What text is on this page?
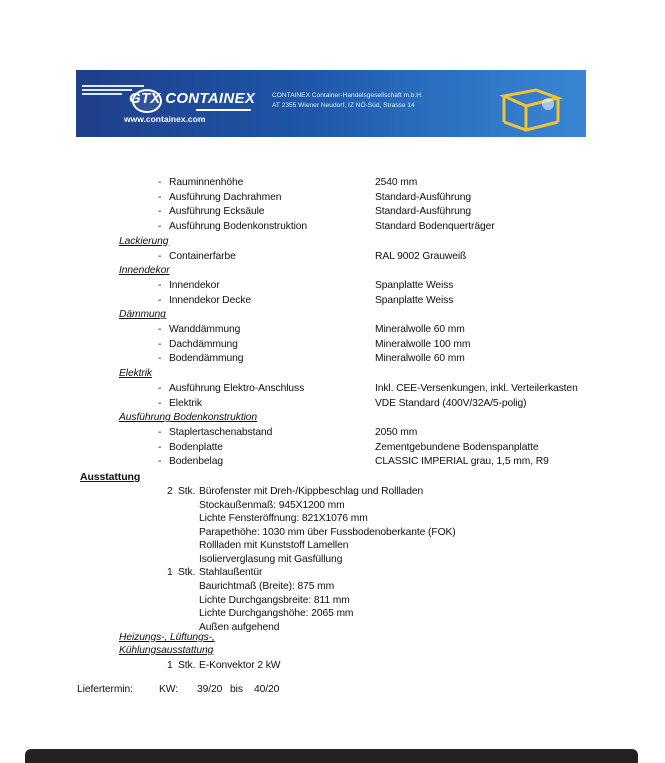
GTX CONTAINEX
www.containex.com
CONTAINEX Container-Handelsgesellschaft m.b.H.
AT 2355 Wiener Neudorf, IZ NÖ-Süd, Strasse 14
- Rauminnenhöhe	2540 mm
- Ausführung Dachrahmen	Standard-Ausführung
- Ausführung Ecksäule	Standard-Ausführung
- Ausführung Bodenkonstruktion	Standard Bodenquerträger
Lackierung
- Containerfarbe	RAL 9002 Grauweiß
Innendekor
- Innendekor	Spanplatte Weiss
- Innendekor Decke	Spanplatte Weiss
Dämmung
- Wanddämmung	Mineralwolle 60 mm
- Dachdämmung	Mineralwolle 100 mm
- Bodendämmung	Mineralwolle 60 mm
Elektrik
- Ausführung Elektro-Anschluss	Inkl. CEE-Versenkungen, inkl. Verteilerkasten
- Elektrik	VDE Standard (400V/32A/5-polig)
Ausführung Bodenkonstruktion
- Staplertaschenabstand	2050 mm
- Bodenplatte	Zementgebundene Bodenspanplatte
- Bodenbelag	CLASSIC IMPERIAL grau, 1,5 mm, R9
Ausstattung
2 Stk. Bürofenster mit Dreh-/Kippbeschlag und Rollladen
Stockaußenmaß: 945X1200 mm
Lichte Fensteröffnung: 821X1076 mm
Parapethöhe: 1030 mm über Fussbodenoberkante (FOK)
Rollladen mit Kunststoff Lamellen
Isolierverglasung mit Gasfüllung
1 Stk. Stahlaußentür
Baurichtmaß (Breite): 875 mm
Lichte Durchgangsbreite: 811 mm
Lichte Durchgangshöhe: 2065 mm
Außen aufgehend
Heizungs-, Lüftungs-,
Kühlungsausstattung
1 Stk. E-Konvektor 2 kW
Liefertermin:	KW: 39/20 bis 40/20
